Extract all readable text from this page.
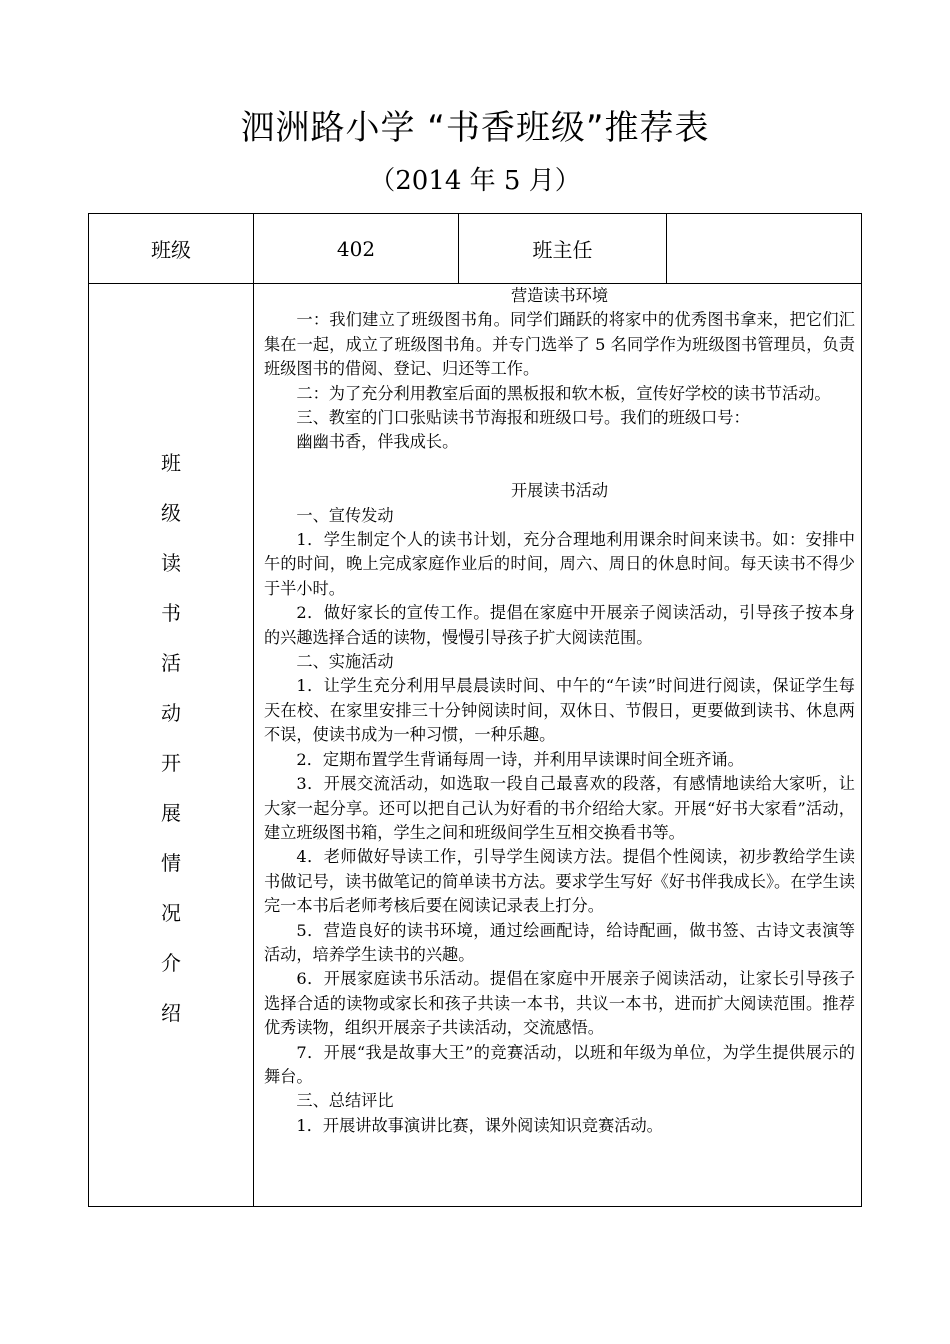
泗洲路小学 “书香班级”推荐表
（2014 年 5 月）
班级	402	班主任
班
级
读
书
活
动
开
展
情
况
介
绍

营造读书环境

一：我们建立了班级图书角。同学们踊跃的将家中的优秀图书拿来，把它们汇集在一起，成立了班级图书角。并专门选举了 5 名同学作为班级图书管理员，负责班级图书的借阅、登记、归还等工作。

二：为了充分利用教室后面的黑板报和软木板，宣传好学校的读书节活动。

三、教室的门口张贴读书节海报和班级口号。我们的班级口号：

幽幽书香，伴我成长。

开展读书活动

一、宣传发动

1．学生制定个人的读书计划，充分合理地利用课余时间来读书。如：安排中午的时间，晚上完成家庭作业后的时间，周六、周日的休息时间。每天读书不得少于半小时。

2．做好家长的宣传工作。提倡在家庭中开展亲子阅读活动，引导孩子按本身的兴趣选择合适的读物，慢慢引导孩子扩大阅读范围。

二、实施活动

1．让学生充分利用早晨晨读时间、中午的“午读”时间进行阅读，保证学生每天在校、在家里安排三十分钟阅读时间，双休日、节假日，更要做到读书、休息两不误，使读书成为一种习惯，一种乐趣。

2．定期布置学生背诵每周一诗，并利用早读课时间全班齐诵。

3．开展交流活动，如选取一段自己最喜欢的段落，有感情地读给大家听，让大家一起分享。还可以把自己认为好看的书介绍给大家。开展“好书大家看”活动，建立班级图书箱，学生之间和班级间学生互相交换看书等。

4．老师做好导读工作，引导学生阅读方法。提倡个性阅读，初步教给学生读书做记号，读书做笔记的简单读书方法。要求学生写好《好书伴我成长》。在学生读完一本书后老师考核后要在阅读记录表上打分。

5．营造良好的读书环境，通过绘画配诗，给诗配画，做书签、古诗文表演等活动，培养学生读书的兴趣。

6．开展家庭读书乐活动。提倡在家庭中开展亲子阅读活动，让家长引导孩子选择合适的读物或家长和孩子共读一本书，共议一本书，进而扩大阅读范围。推荐优秀读物，组织开展亲子共读活动，交流感悟。

7．开展“我是故事大王”的竞赛活动，以班和年级为单位，为学生提供展示的舞台。

三、总结评比

1．开展讲故事演讲比赛，课外阅读知识竞赛活动。
